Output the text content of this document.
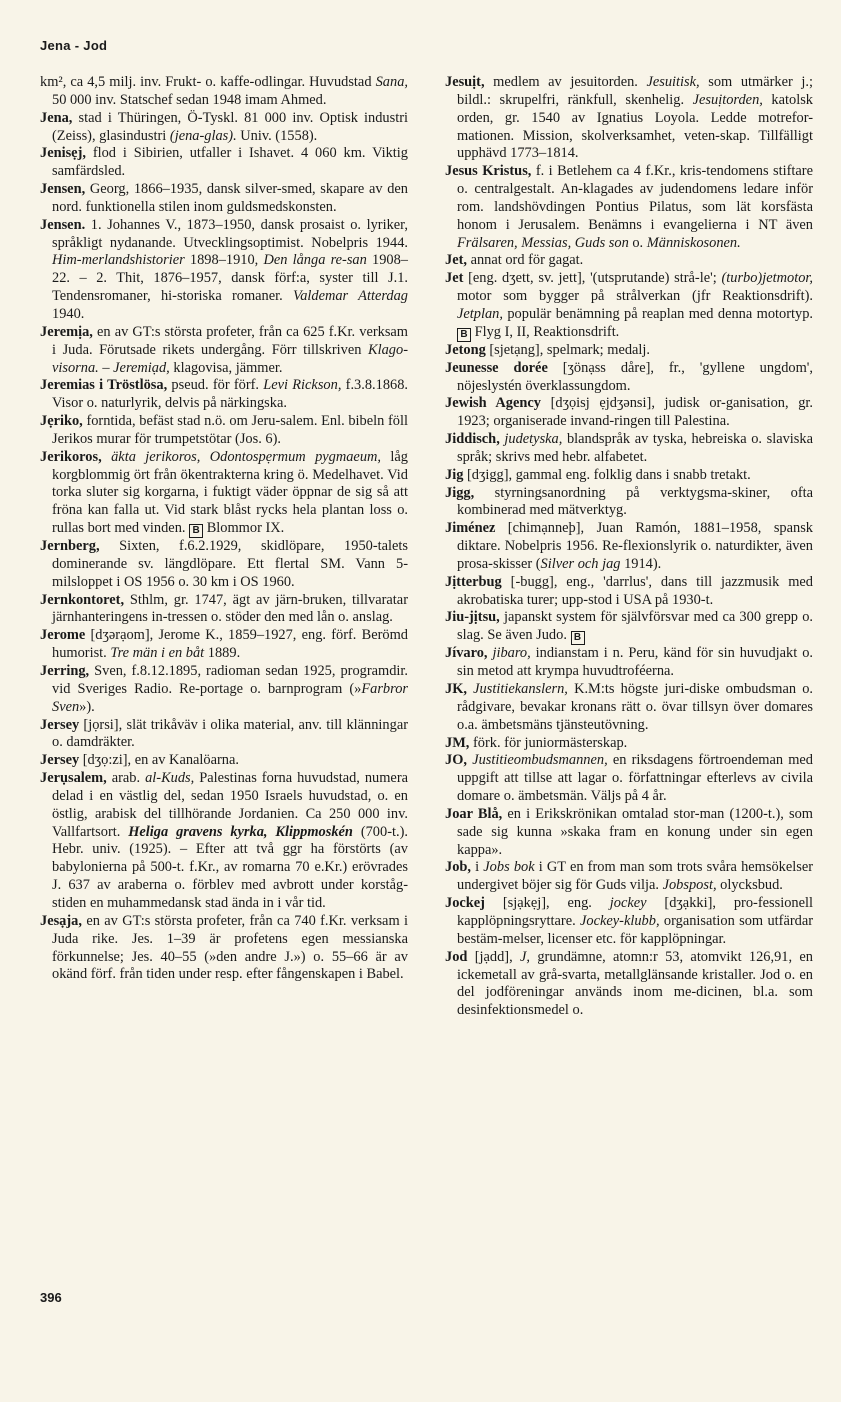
Jena - Jod

km², ca 4,5 milj. inv. Frukt- o. kaffe-odlingar. Huvudstad Sana, 50 000 inv. Statschef sedan 1948 imam Ahmed.

Jena, stad i Thüringen, Ö-Tyskl. 81 000 inv. Optisk industri (Zeiss), glasindustri (jena-glas). Univ. (1558).

Jenisẹj, flod i Sibirien, utfaller i Ishavet. 4 060 km. Viktig samfärdsled.

Jensen, Georg, 1866–1935, dansk silver-smed, skapare av den nord. funktionella stilen inom guldsmedskonsten.

Jensen. 1. Johannes V., 1873–1950, dansk prosaist o. lyriker, språkligt nydanande. Utvecklingsoptimist. Nobelpris 1944. Him-merlandshistorier 1898–1910, Den långa re-san 1908–22. – 2. Thit, 1876–1957, dansk förf:a, syster till J.1. Tendensromaner, hi-storiska romaner. Valdemar Atterdag 1940.

Jeremịa, en av GT:s största profeter, från ca 625 f.Kr. verksam i Juda. Förutsade rikets undergång. Förr tillskriven Klago-visorna. – Jeremiạd, klagovisa, jämmer.

Jeremias i Tröstlösa, pseud. för förf. Levi Rickson, f.3.8.1868. Visor o. naturlyrik, delvis på närkingska.

Jẹriko, forntida, befäst stad n.ö. om Jeru-salem. Enl. bibeln föll Jerikos murar för trumpetstötar (Jos. 6).

Jerikoros, äkta jerikoros, Odontospẹrmum pygmaeum, låg korgblommig ört från ökentrakterna kring ö. Medelhavet. Vid torka sluter sig korgarna, i fuktigt väder öppnar de sig så att fröna kan falla ut. Vid stark blåst rycks hela plantan loss o. rullas bort med vinden. B Blommor IX.

Jernberg, Sixten, f.6.2.1929, skidlöpare, 1950-talets dominerande sv. längdlöpare. Ett flertal SM. Vann 5-milsloppet i OS 1956 o. 30 km i OS 1960.

Jernkontoret, Sthlm, gr. 1747, ägt av järn-bruken, tillvaratar järnhanteringens in-tressen o. stöder den med lån o. anslag.

Jerome [dʒərạom], Jerome K., 1859–1927, eng. förf. Berömd humorist. Tre män i en båt 1889.

Jerring, Sven, f.8.12.1895, radioman sedan 1925, programdir. vid Sveriges Radio. Re-portage o. barnprogram (»Farbror Sven»).

Jersey [jọrsi], slät trikåväv i olika material, anv. till klänningar o. damdräkter.

Jersey [dʒọ:zi], en av Kanalöarna.

Jerụsalem, arab. al-Kuds, Palestinas forna huvudstad, numera delad i en västlig del, sedan 1950 Israels huvudstad, o. en östlig, arabisk del tillhörande Jordanien. Ca 250 000 inv. Vallfartsort. Heliga gravens kyrka, Klippmoskén (700-t.). Hebr. univ. (1925). – Efter att två ggr ha förstörts (av babylonierna på 500-t. f.Kr., av romarna 70 e.Kr.) erövrades J. 637 av araberna o. förblev med avbrott under korståg-stiden en muhammedansk stad ända in i vår tid.

Jesạja, en av GT:s största profeter, från ca 740 f.Kr. verksam i Juda rike. Jes. 1–39 är profetens egen messianska förkunnelse; Jes. 40–55 (»den andre J.») o. 55–66 är av okänd förf. från tiden under resp. efter fångenskapen i Babel.

Jesuịt, medlem av jesuitorden. Jesuitisk, som utmärker j.; bildl.: skrupelfri, ränkfull, skenhelig. Jesuịtorden, katolsk orden, gr. 1540 av Ignatius Loyola. Ledde motrefor-mationen. Mission, skolverksamhet, veten-skap. Tillfälligt upphävd 1773–1814.

Jesus Kristus, f. i Betlehem ca 4 f.Kr., kris-tendomens stiftare o. centralgestalt. An-klagades av judendomens ledare inför rom. landshövdingen Pontius Pilatus, som lät korsfästa honom i Jerusalem. Benämns i evangelierna i NT även Frälsaren, Messias, Guds son o. Människosonen.

Jet, annat ord för gagat.

Jet [eng. dʒett, sv. jett], '(utsprutande) strå-le'; (turbo)jetmotor, motor som bygger på strålverkan (jfr Reaktionsdrift). Jetplan, populär benämning på reaplan med denna motortyp. B Flyg I, II, Reaktionsdrift.

Jetong [sjetạng], spelmark; medalj.

Jeunesse dorée [ʒönạss dåre], fr., 'gyllene ungdom', nöjeslystén överklassungdom.

Jewish Agency [dʒọisj ẹjdʒənsi], judisk or-ganisation, gr. 1923; organiserade invand-ringen till Palestina.

Jiddisch, judetyska, blandspråk av tyska, hebreiska o. slaviska språk; skrivs med hebr. alfabetet.

Jig [dʒigg], gammal eng. folklig dans i snabb tretakt.

Jigg, styrningsanordning på verktygsma-skiner, ofta kombinerad med mätverktyg.

Jiménez [chimạnneþ], Juan Ramón, 1881–1958, spansk diktare. Nobelpris 1956. Re-flexionslyrik o. naturdikter, även prosa-skisser (Silver och jag 1914).

Jịtterbug [-bugg], eng., 'darrlus', dans till jazzmusik med akrobatiska turer; upp-stod i USA på 1930-t.

Jiu-jịtsu, japanskt system för självförsvar med ca 300 grepp o. slag. Se även Judo. B

Jívaro, jibaro, indianstam i n. Peru, känd för sin huvudjakt o. sin metod att krympa huvudtroféerna.

JK, Justitiekanslern, K.M:ts högste juri-diske ombudsman o. rådgivare, bevakar kronans rätt o. övar tillsyn över domares o.a. ämbetsmäns tjänsteutövning.

JM, förk. för juniormästerskap.

JO, Justitieombudsmannen, en riksdagens förtroendeman med uppgift att tillse att lagar o. författningar efterlevs av civila domare o. ämbetsmän. Väljs på 4 år.

Joar Blå, en i Erikskrönikan omtalad stor-man (1200-t.), som sade sig kunna »skaka fram en konung under sin egen kappa».

Job, i Jobs bok i GT en from man som trots svåra hemsökelser undergivet böjer sig för Guds vilja. Jobspost, olycksbud.

Jockej [sjạkẹj], eng. jockey [dʒạkki], pro-fessionell kapplöpningsryttare. Jockey-klubb, organisation som utfärdar bestäm-melser, licenser etc. för kapplöpningar.

Jod [jạdd], J, grundämne, atomn:r 53, atomvikt 126,91, en ickemetall av grå-svarta, metallglänsande kristaller. Jod o. en del jodföreningar används inom me-dicinen, bl.a. som desinfektionsmedel o.

396
